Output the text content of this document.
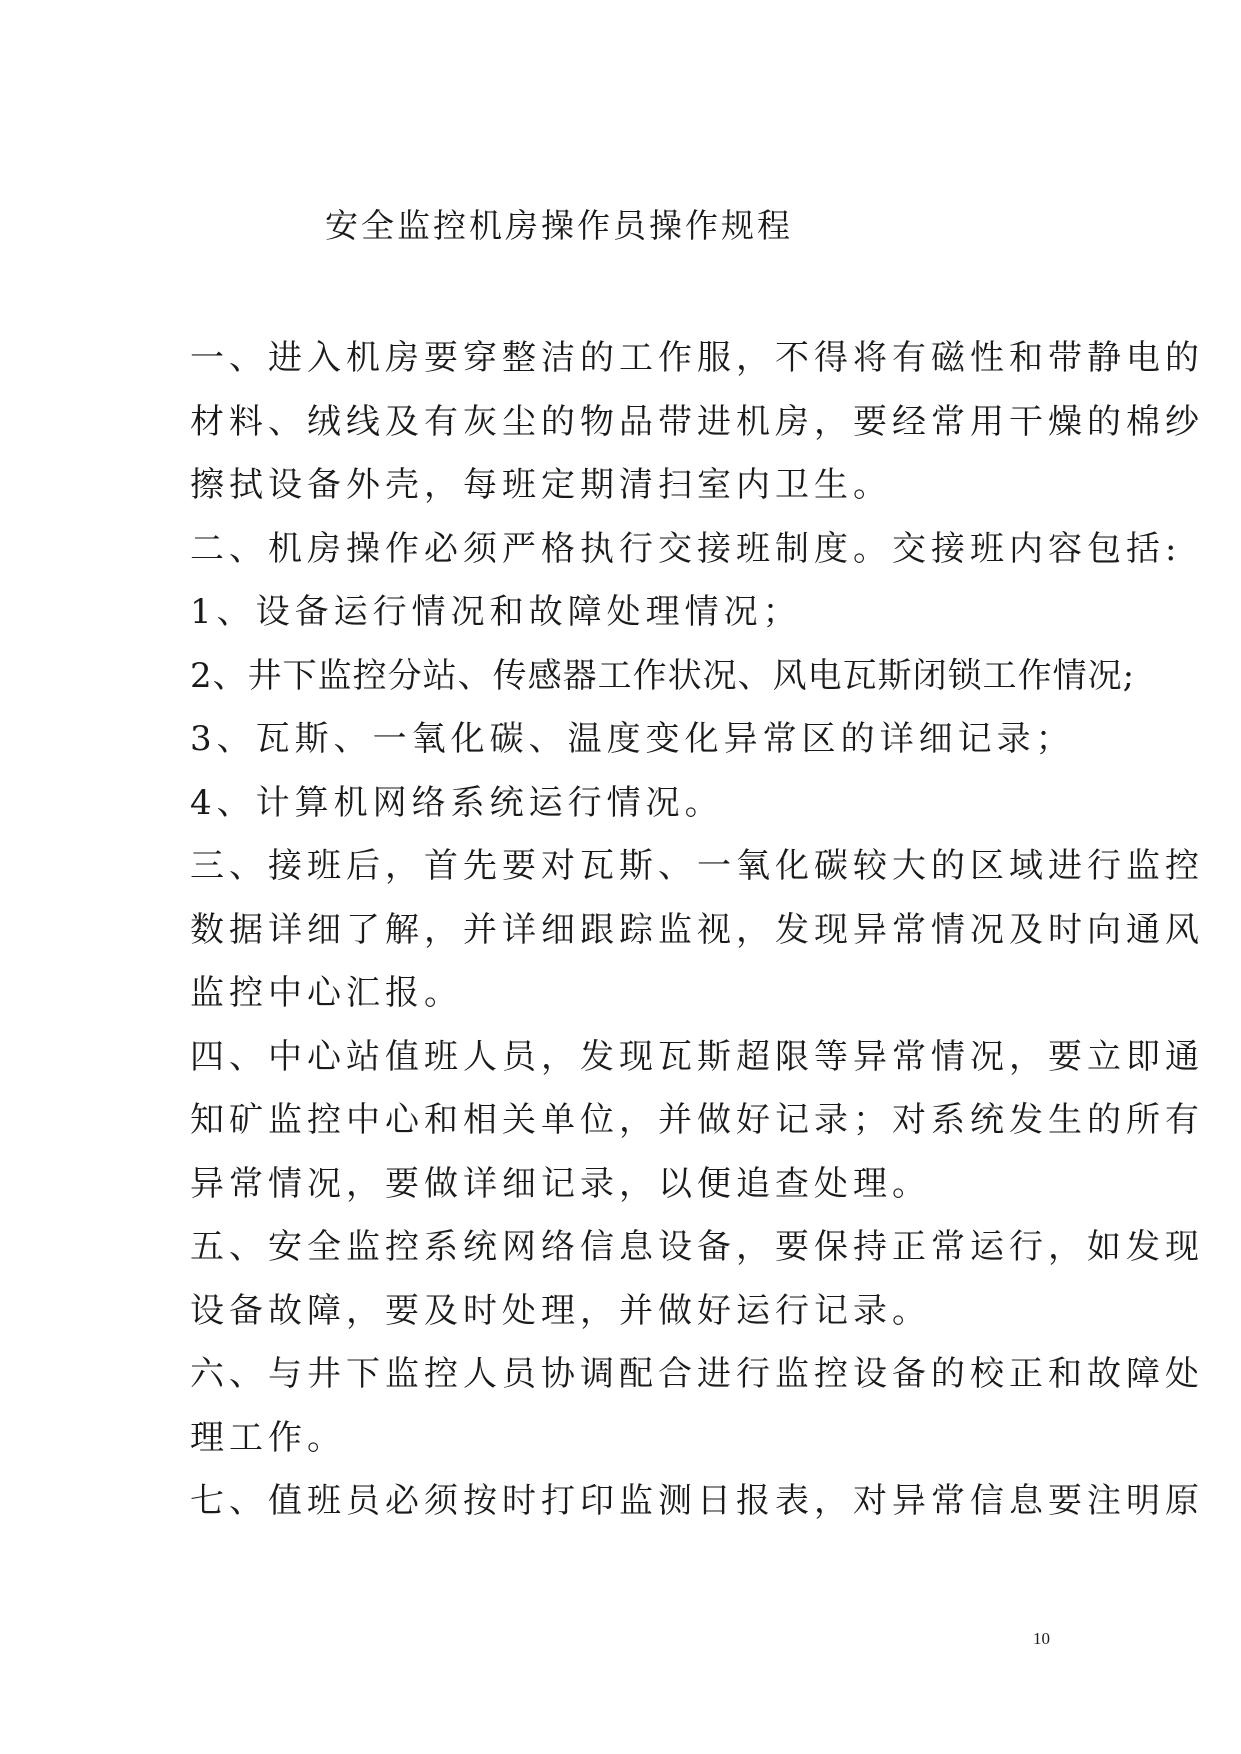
安全监控机房操作员操作规程
一、进入机房要穿整洁的工作服，不得将有磁性和带静电的
材料、绒线及有灰尘的物品带进机房，要经常用干燥的棉纱
擦拭设备外壳，每班定期清扫室内卫生。
二、机房操作必须严格执行交接班制度。交接班内容包括:
1、设备运行情况和故障处理情况；
2、井下监控分站、传感器工作状况、风电瓦斯闭锁工作情况;
3、瓦斯、一氧化碳、温度变化异常区的详细记录；
4、计算机网络系统运行情况。
三、接班后，首先要对瓦斯、一氧化碳较大的区域进行监控
数据详细了解，并详细跟踪监视，发现异常情况及时向通风
监控中心汇报。
四、中心站值班人员，发现瓦斯超限等异常情况，要立即通
知矿监控中心和相关单位，并做好记录；对系统发生的所有
异常情况，要做详细记录，以便追查处理。
五、安全监控系统网络信息设备，要保持正常运行，如发现
设备故障，要及时处理，并做好运行记录。
六、与井下监控人员协调配合进行监控设备的校正和故障处
理工作。
七、值班员必须按时打印监测日报表，对异常信息要注明原
10
